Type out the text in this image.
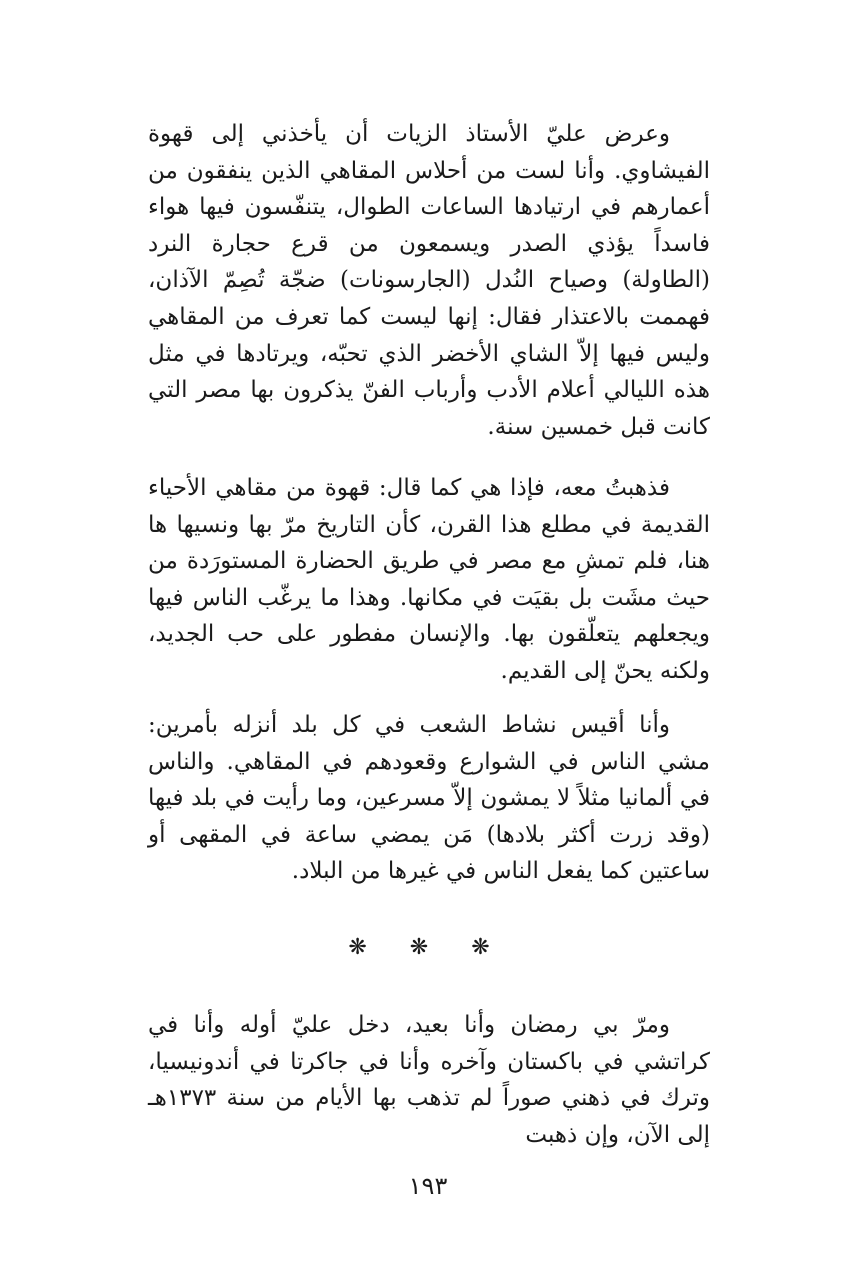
وعرض عليّ الأستاذ الزيات أن يأخذني إلى قهوة الفيشاوي. وأنا لست من أحلاس المقاهي الذين ينفقون من أعمارهم في ارتيادها الساعات الطوال، يتنفّسون فيها هواء فاسداً يؤذي الصدر ويسمعون من قرع حجارة النرد (الطاولة) وصياح النُدل (الجارسونات) ضجّة تُصِمّ الآذان، فهممت بالاعتذار فقال: إنها ليست كما تعرف من المقاهي وليس فيها إلاّ الشاي الأخضر الذي تحبّه، ويرتادها في مثل هذه الليالي أعلام الأدب وأرباب الفنّ يذكرون بها مصر التي كانت قبل خمسين سنة.

فذهبتُ معه، فإذا هي كما قال: قهوة من مقاهي الأحياء القديمة في مطلع هذا القرن، كأن التاريخ مرّ بها ونسيها ها هنا، فلم تمشِ مع مصر في طريق الحضارة المستورَدة من حيث مشَت بل بقيَت في مكانها. وهذا ما يرغّب الناس فيها ويجعلهم يتعلّقون بها. والإنسان مفطور على حب الجديد، ولكنه يحنّ إلى القديم.

وأنا أقيس نشاط الشعب في كل بلد أنزله بأمرين: مشي الناس في الشوارع وقعودهم في المقاهي. والناس في ألمانيا مثلاً لا يمشون إلاّ مسرعين، وما رأيت في بلد فيها (وقد زرت أكثر بلادها) مَن يمضي ساعة في المقهى أو ساعتين كما يفعل الناس في غيرها من البلاد.

❋ ❋ ❋

ومرّ بي رمضان وأنا بعيد، دخل عليّ أوله وأنا في كراتشي في باكستان وآخره وأنا في جاكرتا في أندونيسيا، وترك في ذهني صوراً لم تذهب بها الأيام من سنة ١٣٧٣هـ إلى الآن، وإن ذهبت

١٩٣
